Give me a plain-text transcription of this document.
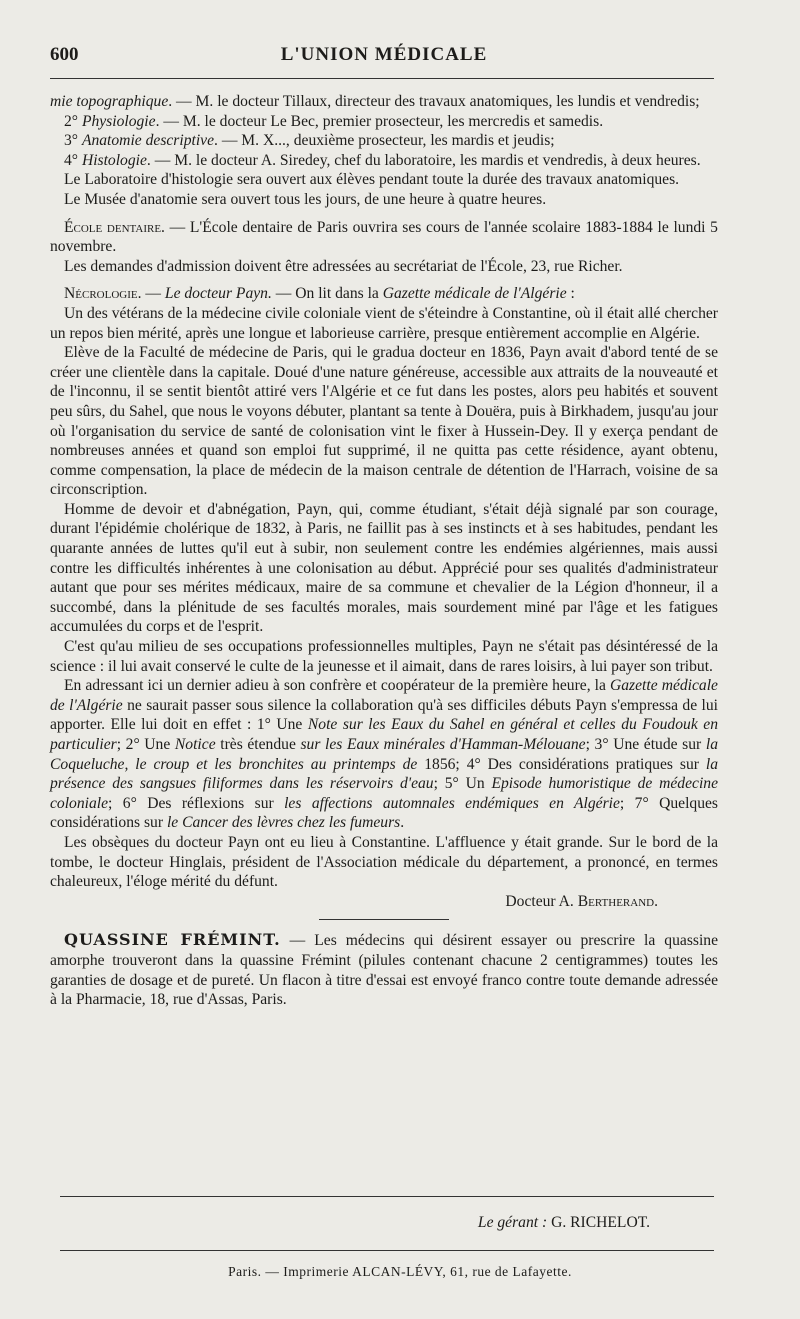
600	L'UNION MÉDICALE

mie topographique. — M. le docteur Tillaux, directeur des travaux anatomiques, les lundis et vendredis;

2° Physiologie. — M. le docteur Le Bec, premier prosecteur, les mercredis et samedis.

3° Anatomie descriptive. — M. X..., deuxième prosecteur, les mardis et jeudis;

4° Histologie. — M. le docteur A. Siredey, chef du laboratoire, les mardis et vendredis, à deux heures.

Le Laboratoire d'histologie sera ouvert aux élèves pendant toute la durée des travaux anatomiques.

Le Musée d'anatomie sera ouvert tous les jours, de une heure à quatre heures.

École dentaire. — L'École dentaire de Paris ouvrira ses cours de l'année scolaire 1883-1884 le lundi 5 novembre.

Les demandes d'admission doivent être adressées au secrétariat de l'École, 23, rue Richer.

Nécrologie. — Le docteur Payn. — On lit dans la Gazette médicale de l'Algérie :

Un des vétérans de la médecine civile coloniale vient de s'éteindre à Constantine, où il était allé chercher un repos bien mérité, après une longue et laborieuse carrière, presque entièrement accomplie en Algérie.

Elève de la Faculté de médecine de Paris, qui le gradua docteur en 1836, Payn avait d'abord tenté de se créer une clientèle dans la capitale. Doué d'une nature généreuse, accessible aux attraits de la nouveauté et de l'inconnu, il se sentit bientôt attiré vers l'Algérie et ce fut dans les postes, alors peu habités et souvent peu sûrs, du Sahel, que nous le voyons débuter, plantant sa tente à Douëra, puis à Birkhadem, jusqu'au jour où l'organisation du service de santé de colonisation vint le fixer à Hussein-Dey. Il y exerça pendant de nombreuses années et quand son emploi fut supprimé, il ne quitta pas cette résidence, ayant obtenu, comme compensation, la place de médecin de la maison centrale de détention de l'Harrach, voisine de sa circonscription.

Homme de devoir et d'abnégation, Payn, qui, comme étudiant, s'était déjà signalé par son courage, durant l'épidémie cholérique de 1832, à Paris, ne faillit pas à ses instincts et à ses habitudes, pendant les quarante années de luttes qu'il eut à subir, non seulement contre les endémies algériennes, mais aussi contre les difficultés inhérentes à une colonisation au début. Apprécié pour ses qualités d'administrateur autant que pour ses mérites médicaux, maire de sa commune et chevalier de la Légion d'honneur, il a succombé, dans la plénitude de ses facultés morales, mais sourdement miné par l'âge et les fatigues accumulées du corps et de l'esprit.

C'est qu'au milieu de ses occupations professionnelles multiples, Payn ne s'était pas désintéressé de la science : il lui avait conservé le culte de la jeunesse et il aimait, dans de rares loisirs, à lui payer son tribut.

En adressant ici un dernier adieu à son confrère et coopérateur de la première heure, la Gazette médicale de l'Algérie ne saurait passer sous silence la collaboration qu'à ses difficiles débuts Payn s'empressa de lui apporter. Elle lui doit en effet : 1° Une Note sur les Eaux du Sahel en général et celles du Foudouk en particulier; 2° Une Notice très étendue sur les Eaux minérales d'Hamman-Mélouane; 3° Une étude sur la Coqueluche, le croup et les bronchites au printemps de 1856; 4° Des considérations pratiques sur la présence des sangsues filiformes dans les réservoirs d'eau; 5° Un Episode humoristique de médecine coloniale; 6° Des réflexions sur les affections automnales endémiques en Algérie; 7° Quelques considérations sur le Cancer des lèvres chez les fumeurs.

Les obsèques du docteur Payn ont eu lieu à Constantine. L'affluence y était grande. Sur le bord de la tombe, le docteur Hinglais, président de l'Association médicale du département, a prononcé, en termes chaleureux, l'éloge mérité du défunt.

Docteur A. Bertherand.

QUASSINE FRÉMINT. — Les médecins qui désirent essayer ou prescrire la quassine amorphe trouveront dans la quassine Frémint (pilules contenant chacune 2 centigrammes) toutes les garanties de dosage et de pureté. Un flacon à titre d'essai est envoyé franco contre toute demande adressée à la Pharmacie, 18, rue d'Assas, Paris.

Le gérant : G. RICHELOT.
Paris. — Imprimerie ALCAN-LÉVY, 61, rue de Lafayette.
